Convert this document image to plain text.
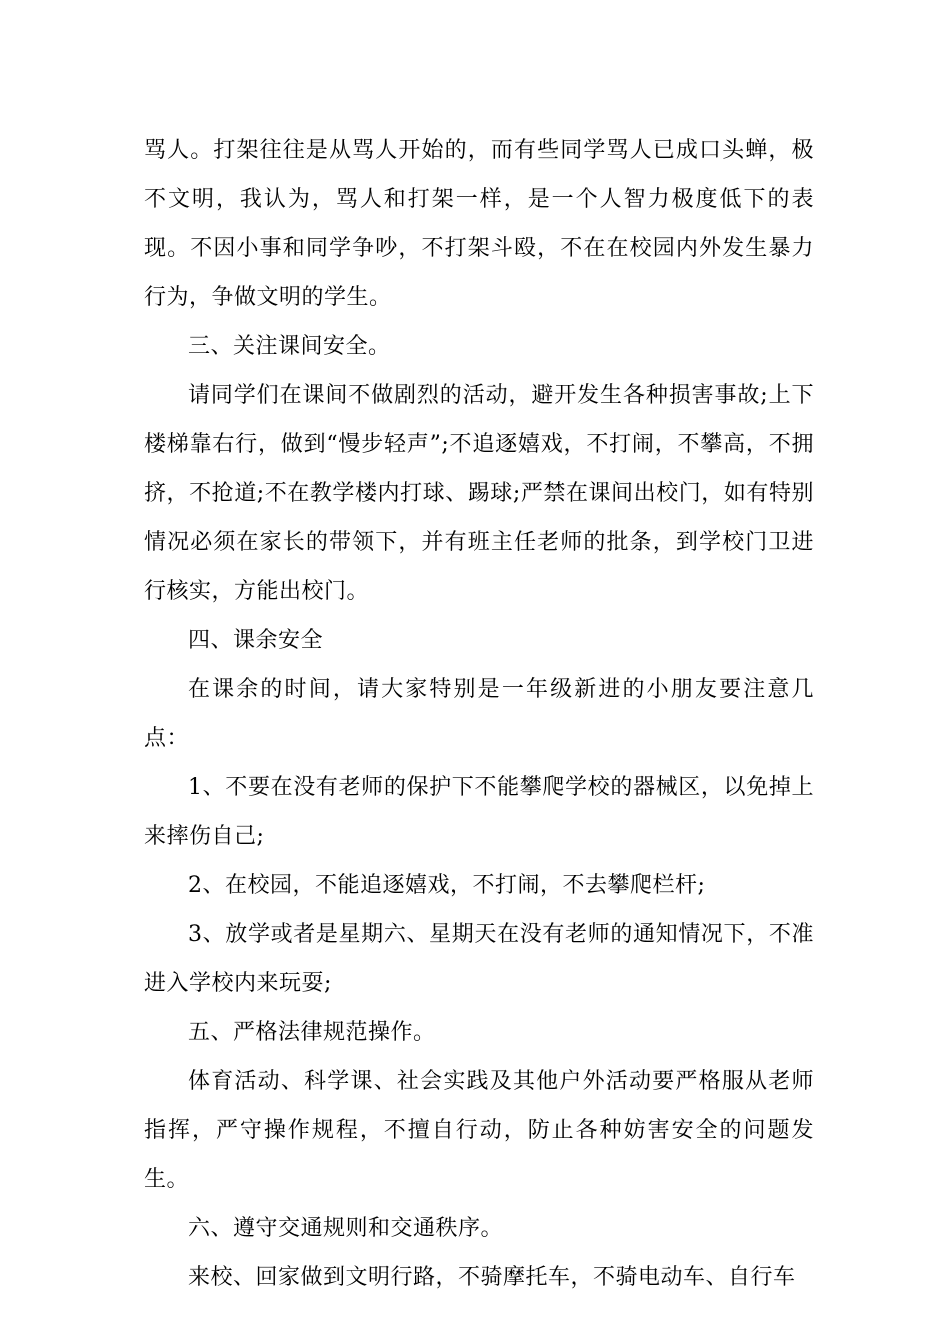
骂人。打架往往是从骂人开始的，而有些同学骂人已成口头蝉，极不文明，我认为，骂人和打架一样，是一个人智力极度低下的表现。不因小事和同学争吵，不打架斗殴，不在在校园内外发生暴力行为，争做文明的学生。

三、关注课间安全。

请同学们在课间不做剧烈的活动，避开发生各种损害事故;上下楼梯靠右行，做到“慢步轻声”;不追逐嬉戏，不打闹，不攀高，不拥挤，不抢道;不在教学楼内打球、踢球;严禁在课间出校门，如有特别情况必须在家长的带领下，并有班主任老师的批条，到学校门卫进行核实，方能出校门。

四、课余安全

在课余的时间，请大家特别是一年级新进的小朋友要注意几点：

1、不要在没有老师的保护下不能攀爬学校的器械区，以免掉上来摔伤自己;

2、在校园，不能追逐嬉戏，不打闹，不去攀爬栏杆;

3、放学或者是星期六、星期天在没有老师的通知情况下，不准进入学校内来玩耍;

五、严格法律规范操作。

体育活动、科学课、社会实践及其他户外活动要严格服从老师指挥，严守操作规程，不擅自行动，防止各种妨害安全的问题发生。

六、遵守交通规则和交通秩序。

来校、回家做到文明行路，不骑摩托车，不骑电动车、自行车
